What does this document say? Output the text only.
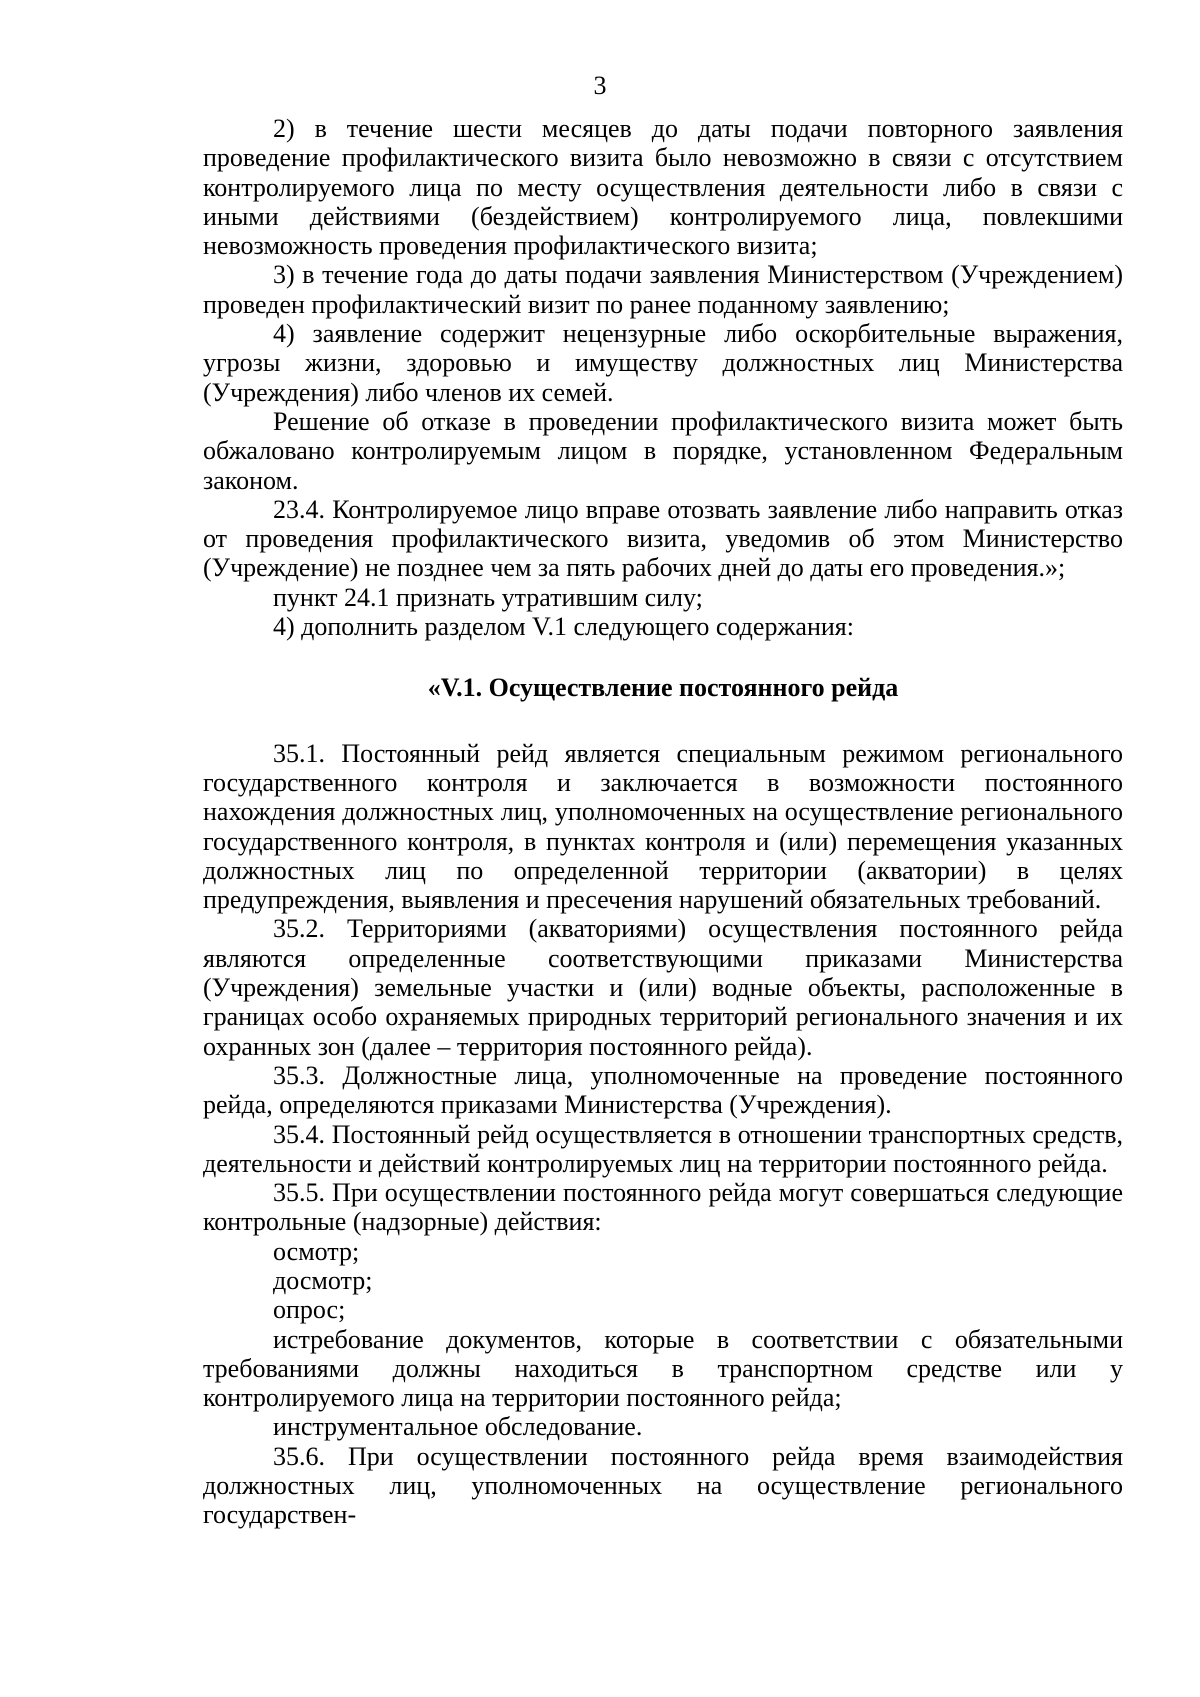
3

2) в течение шести месяцев до даты подачи повторного заявления проведение профилактического визита было невозможно в связи с отсутствием контролируемого лица по месту осуществления деятельности либо в связи с иными действиями (бездействием) контролируемого лица, повлекшими невозможность проведения профилактического визита;

3) в течение года до даты подачи заявления Министерством (Учреждением) проведен профилактический визит по ранее поданному заявлению;

4) заявление содержит нецензурные либо оскорбительные выражения, угрозы жизни, здоровью и имуществу должностных лиц Министерства (Учреждения) либо членов их семей.

Решение об отказе в проведении профилактического визита может быть обжаловано контролируемым лицом в порядке, установленном Федеральным законом.

23.4. Контролируемое лицо вправе отозвать заявление либо направить отказ от проведения профилактического визита, уведомив об этом Министерство (Учреждение) не позднее чем за пять рабочих дней до даты его проведения.»;

пункт 24.1 признать утратившим силу;

4) дополнить разделом V.1 следующего содержания:

«V.1. Осуществление постоянного рейда

35.1. Постоянный рейд является специальным режимом регионального государственного контроля и заключается в возможности постоянного нахождения должностных лиц, уполномоченных на осуществление регионального государственного контроля, в пунктах контроля и (или) перемещения указанных должностных лиц по определенной территории (акватории) в целях предупреждения, выявления и пресечения нарушений обязательных требований.

35.2. Территориями (акваториями) осуществления постоянного рейда являются определенные соответствующими приказами Министерства (Учреждения) земельные участки и (или) водные объекты, расположенные в границах особо охраняемых природных территорий регионального значения и их охранных зон (далее – территория постоянного рейда).

35.3. Должностные лица, уполномоченные на проведение постоянного рейда, определяются приказами Министерства (Учреждения).

35.4. Постоянный рейд осуществляется в отношении транспортных средств, деятельности и действий контролируемых лиц на территории постоянного рейда.

35.5. При осуществлении постоянного рейда могут совершаться следующие контрольные (надзорные) действия:

осмотр;

досмотр;

опрос;

истребование документов, которые в соответствии с обязательными требованиями должны находиться в транспортном средстве или у контролируемого лица на территории постоянного рейда;

инструментальное обследование.

35.6. При осуществлении постоянного рейда время взаимодействия должностных лиц, уполномоченных на осуществление регионального государствен-
